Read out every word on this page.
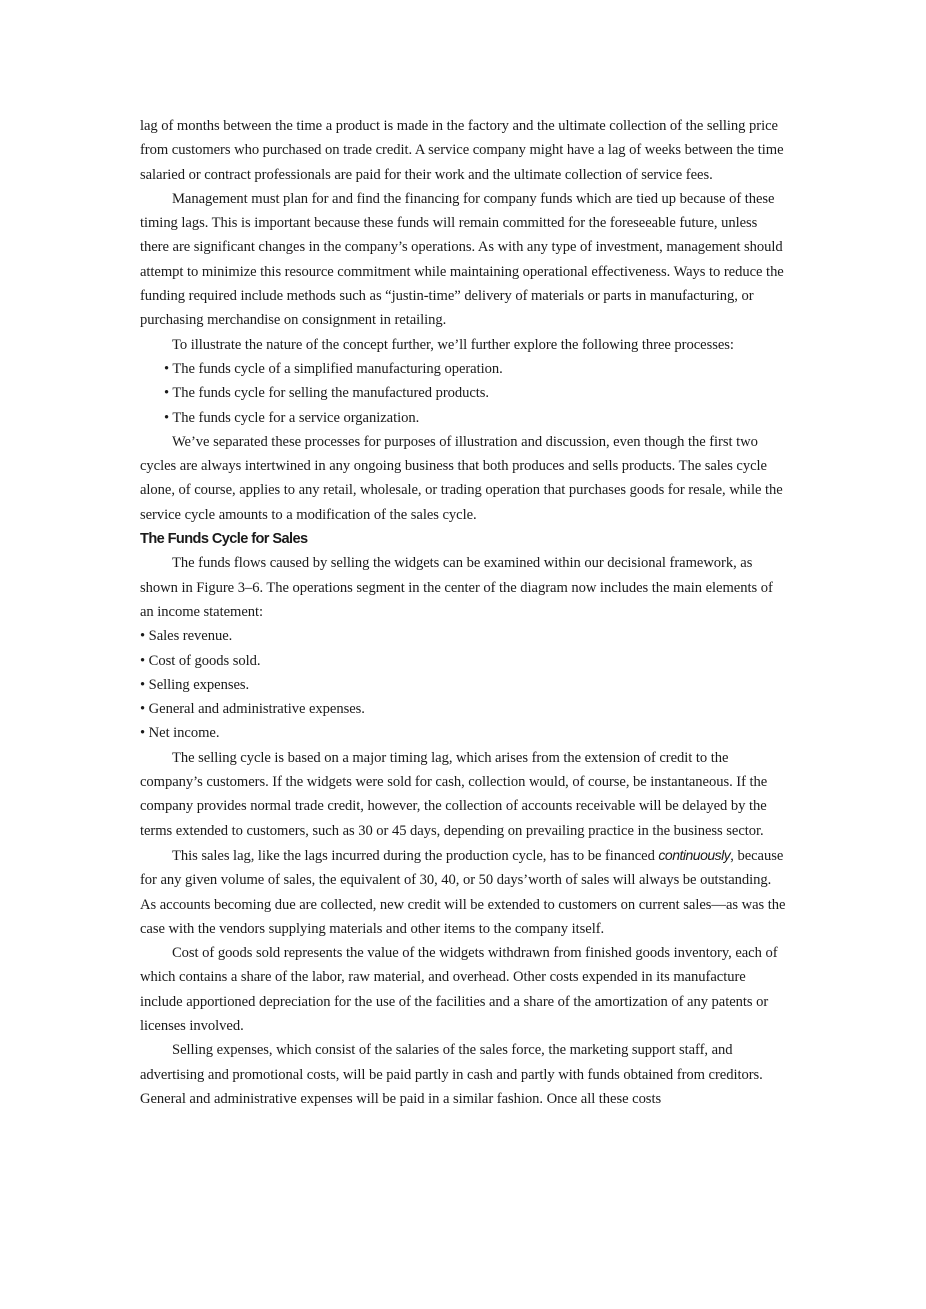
lag of months between the time a product is made in the factory and the ultimate collection of the selling price from customers who purchased on trade credit. A service company might have a lag of weeks between the time salaried or contract professionals are paid for their work and the ultimate collection of service fees.

Management must plan for and find the financing for company funds which are tied up because of these timing lags. This is important because these funds will remain committed for the foreseeable future, unless there are significant changes in the company’s operations. As with any type of investment, management should attempt to minimize this resource commitment while maintaining operational effectiveness. Ways to reduce the funding required include methods such as “justin-time” delivery of materials or parts in manufacturing, or purchasing merchandise on consignment in retailing.

To illustrate the nature of the concept further, we’ll further explore the following three processes:

• The funds cycle of a simplified manufacturing operation.

• The funds cycle for selling the manufactured products.

• The funds cycle for a service organization.

We’ve separated these processes for purposes of illustration and discussion, even though the first two cycles are always intertwined in any ongoing business that both produces and sells products. The sales cycle alone, of course, applies to any retail, wholesale, or trading operation that purchases goods for resale, while the service cycle amounts to a modification of the sales cycle.

The Funds Cycle for Sales

The funds flows caused by selling the widgets can be examined within our decisional framework, as shown in Figure 3–6. The operations segment in the center of the diagram now includes the main elements of an income statement:

• Sales revenue.

• Cost of goods sold.

• Selling expenses.

• General and administrative expenses.

• Net income.

The selling cycle is based on a major timing lag, which arises from the extension of credit to the company’s customers. If the widgets were sold for cash, collection would, of course, be instantaneous. If the company provides normal trade credit, however, the collection of accounts receivable will be delayed by the terms extended to customers, such as 30 or 45 days, depending on prevailing practice in the business sector.

This sales lag, like the lags incurred during the production cycle, has to be financed continuously, because for any given volume of sales, the equivalent of 30, 40, or 50 days’worth of sales will always be outstanding. As accounts becoming due are collected, new credit will be extended to customers on current sales—as was the case with the vendors supplying materials and other items to the company itself.

Cost of goods sold represents the value of the widgets withdrawn from finished goods inventory, each of which contains a share of the labor, raw material, and overhead. Other costs expended in its manufacture include apportioned depreciation for the use of the facilities and a share of the amortization of any patents or licenses involved.

Selling expenses, which consist of the salaries of the sales force, the marketing support staff, and advertising and promotional costs, will be paid partly in cash and partly with funds obtained from creditors. General and administrative expenses will be paid in a similar fashion. Once all these costs
